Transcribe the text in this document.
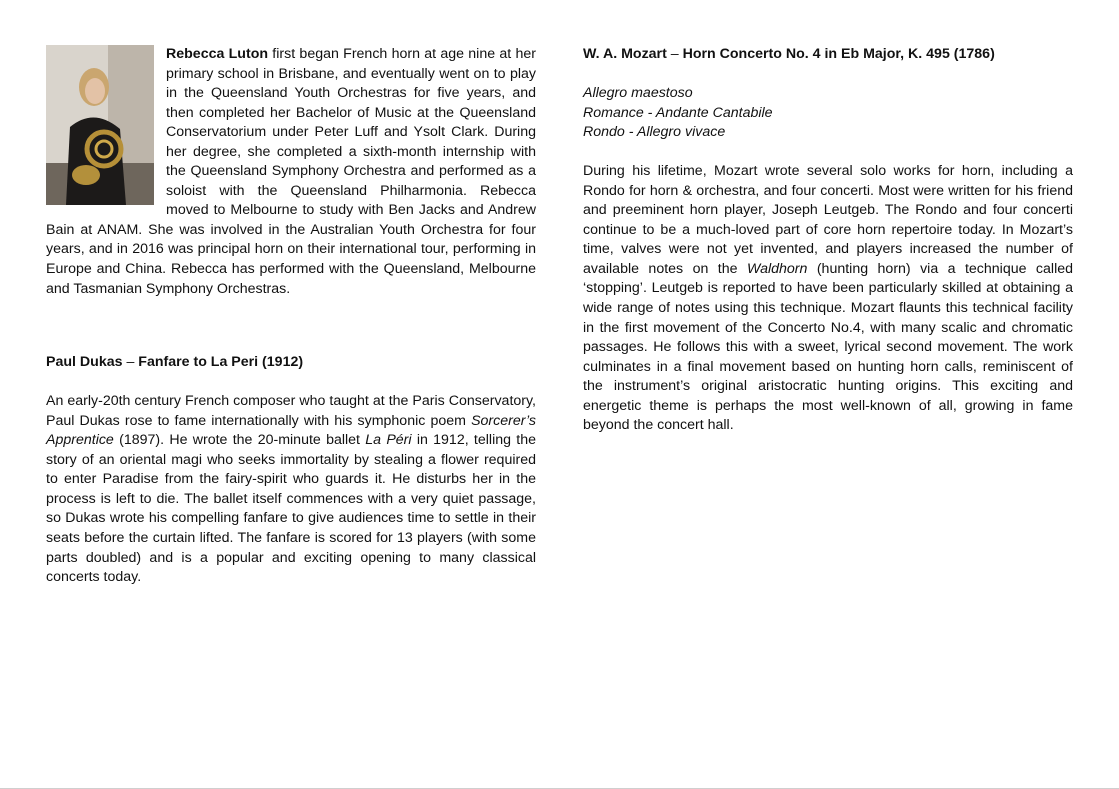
Rebecca Luton first began French horn at age nine at her primary school in Brisbane, and eventually went on to play in the Queensland Youth Orchestras for five years, and then completed her Bachelor of Music at the Queensland Conservatorium under Peter Luff and Ysolt Clark. During her degree, she completed a sixth-month internship with the Queensland Symphony Orchestra and performed as a soloist with the Queensland Philharmonia. Rebecca moved to Melbourne to study with Ben Jacks and Andrew Bain at ANAM. She was involved in the Australian Youth Orchestra for four years, and in 2016 was principal horn on their international tour, performing in Europe and China. Rebecca has performed with the Queensland, Melbourne and Tasmanian Symphony Orchestras.

Paul Dukas – Fanfare to La Peri (1912)

An early-20th century French composer who taught at the Paris Conservatory, Paul Dukas rose to fame internationally with his symphonic poem Sorcerer’s Apprentice (1897). He wrote the 20-minute ballet La Péri in 1912, telling the story of an oriental magi who seeks immortality by stealing a flower required to enter Paradise from the fairy-spirit who guards it. He disturbs her in the process is left to die. The ballet itself commences with a very quiet passage, so Dukas wrote his compelling fanfare to give audiences time to settle in their seats before the curtain lifted. The fanfare is scored for 13 players (with some parts doubled) and is a popular and exciting opening to many classical concerts today.

W. A. Mozart – Horn Concerto No. 4 in Eb Major, K. 495 (1786)

Allegro maestoso

Romance - Andante Cantabile

Rondo - Allegro vivace

During his lifetime, Mozart wrote several solo works for horn, including a Rondo for horn & orchestra, and four concerti. Most were written for his friend and preeminent horn player, Joseph Leutgeb. The Rondo and four concerti continue to be a much-loved part of core horn repertoire today. In Mozart’s time, valves were not yet invented, and players increased the number of available notes on the Waldhorn (hunting horn) via a technique called ‘stopping’. Leutgeb is reported to have been particularly skilled at obtaining a wide range of notes using this technique. Mozart flaunts this technical facility in the first movement of the Concerto No.4, with many scalic and chromatic passages. He follows this with a sweet, lyrical second movement. The work culminates in a final movement based on hunting horn calls, reminiscent of the instrument’s original aristocratic hunting origins. This exciting and energetic theme is perhaps the most well-known of all, growing in fame beyond the concert hall.
